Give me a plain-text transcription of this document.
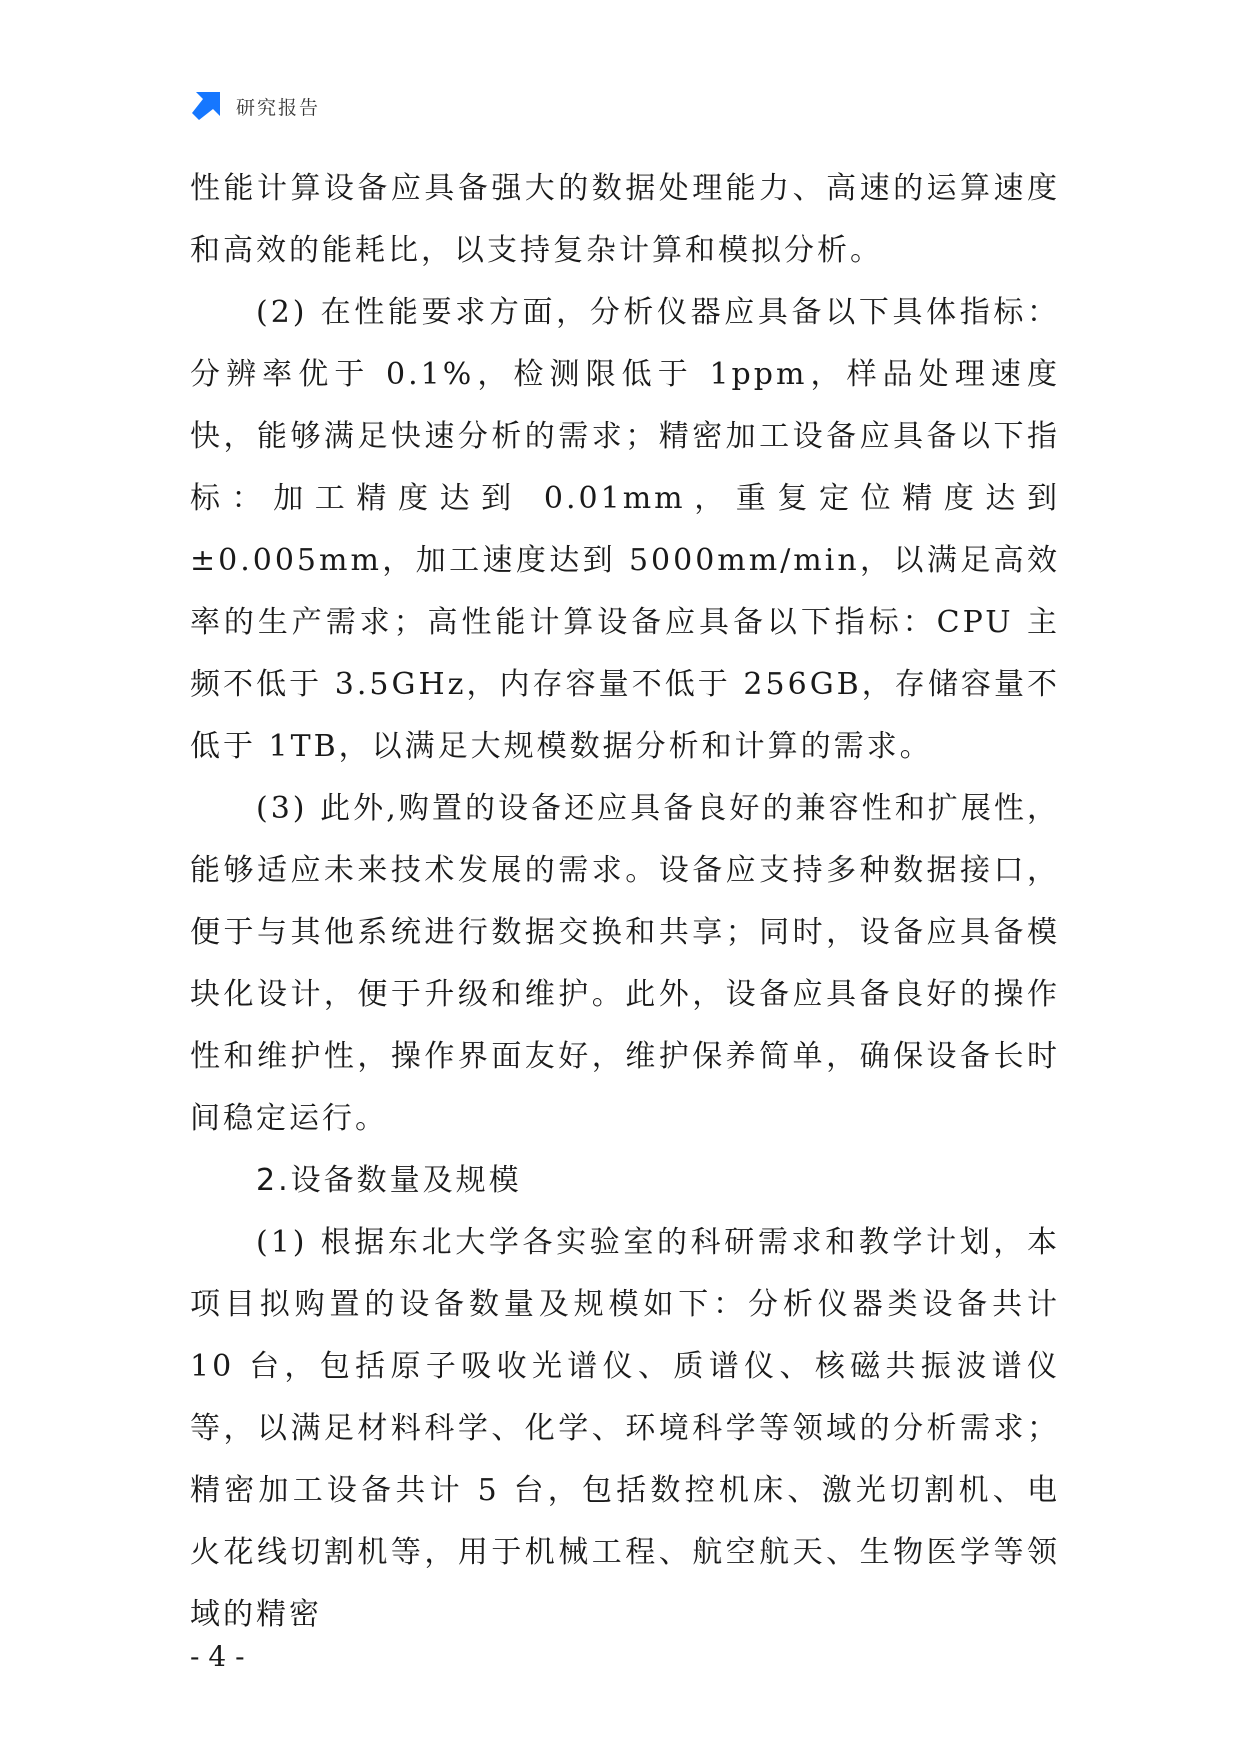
研究报告

性能计算设备应具备强大的数据处理能力、高速的运算速度和高效的能耗比，以支持复杂计算和模拟分析。

(2) 在性能要求方面，分析仪器应具备以下具体指标：分辨率优于 0.1%，检测限低于 1ppm，样品处理速度快，能够满足快速分析的需求；精密加工设备应具备以下指标：加工精度达到 0.01mm，重复定位精度达到±0.005mm，加工速度达到 5000mm/min，以满足高效率的生产需求；高性能计算设备应具备以下指标：CPU 主频不低于 3.5GHz，内存容量不低于 256GB，存储容量不低于 1TB，以满足大规模数据分析和计算的需求。

(3) 此外,购置的设备还应具备良好的兼容性和扩展性，能够适应未来技术发展的需求。设备应支持多种数据接口，便于与其他系统进行数据交换和共享；同时，设备应具备模块化设计，便于升级和维护。此外，设备应具备良好的操作性和维护性，操作界面友好，维护保养简单，确保设备长时间稳定运行。

2.设备数量及规模

(1) 根据东北大学各实验室的科研需求和教学计划，本项目拟购置的设备数量及规模如下：分析仪器类设备共计 10 台，包括原子吸收光谱仪、质谱仪、核磁共振波谱仪等，以满足材料科学、化学、环境科学等领域的分析需求；精密加工设备共计 5 台，包括数控机床、激光切割机、电火花线切割机等，用于机械工程、航空航天、生物医学等领域的精密

- 4 -
